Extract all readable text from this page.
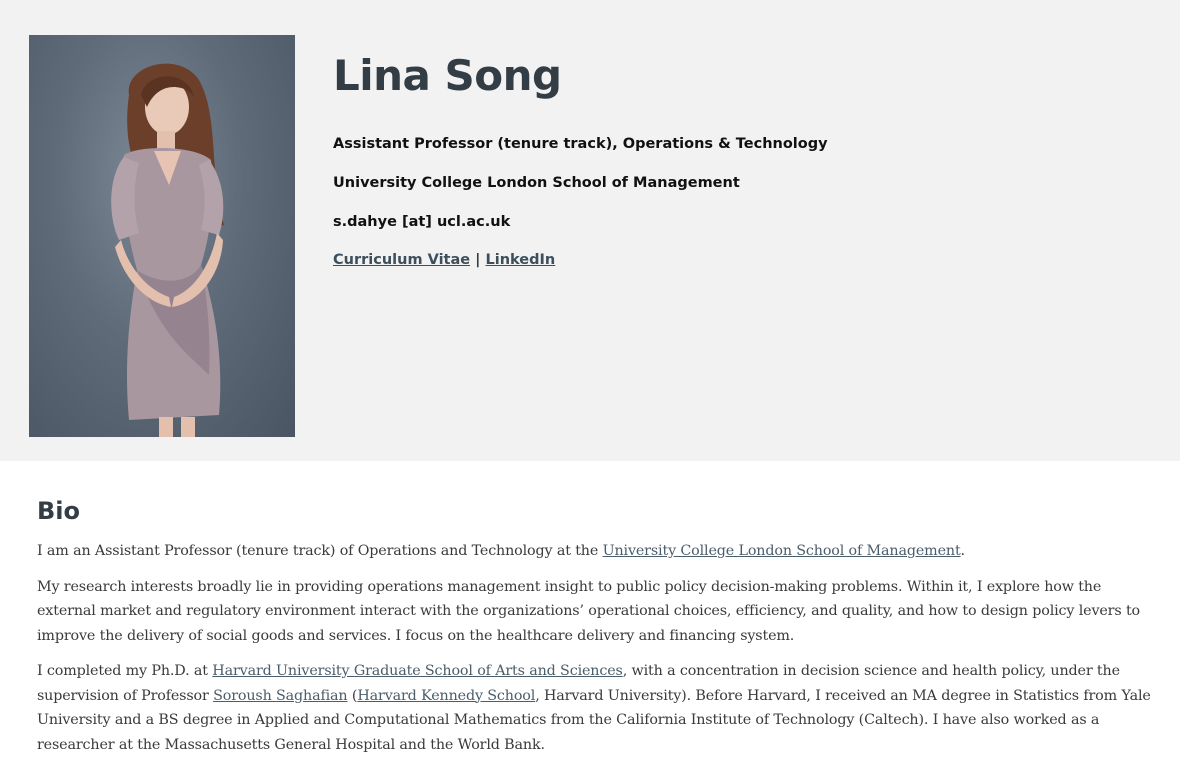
Lina Song

Assistant Professor (tenure track), Operations & Technology

University College London School of Management

s.dahye [at] ucl.ac.uk

Curriculum Vitae | LinkedIn
Bio

I am an Assistant Professor (tenure track) of Operations and Technology at the University College London School of Management.

My research interests broadly lie in providing operations management insight to public policy decision-making problems. Within it, I explore how the external market and regulatory environment interact with the organizations’ operational choices, efficiency, and quality, and how to design policy levers to improve the delivery of social goods and services. I focus on the healthcare delivery and financing system.

I completed my Ph.D. at Harvard University Graduate School of Arts and Sciences, with a concentration in decision science and health policy, under the supervision of Professor Soroush Saghafian (Harvard Kennedy School, Harvard University). Before Harvard, I received an MA degree in Statistics from Yale University and a BS degree in Applied and Computational Mathematics from the California Institute of Technology (Caltech). I have also worked as a researcher at the Massachusetts General Hospital and the World Bank.
